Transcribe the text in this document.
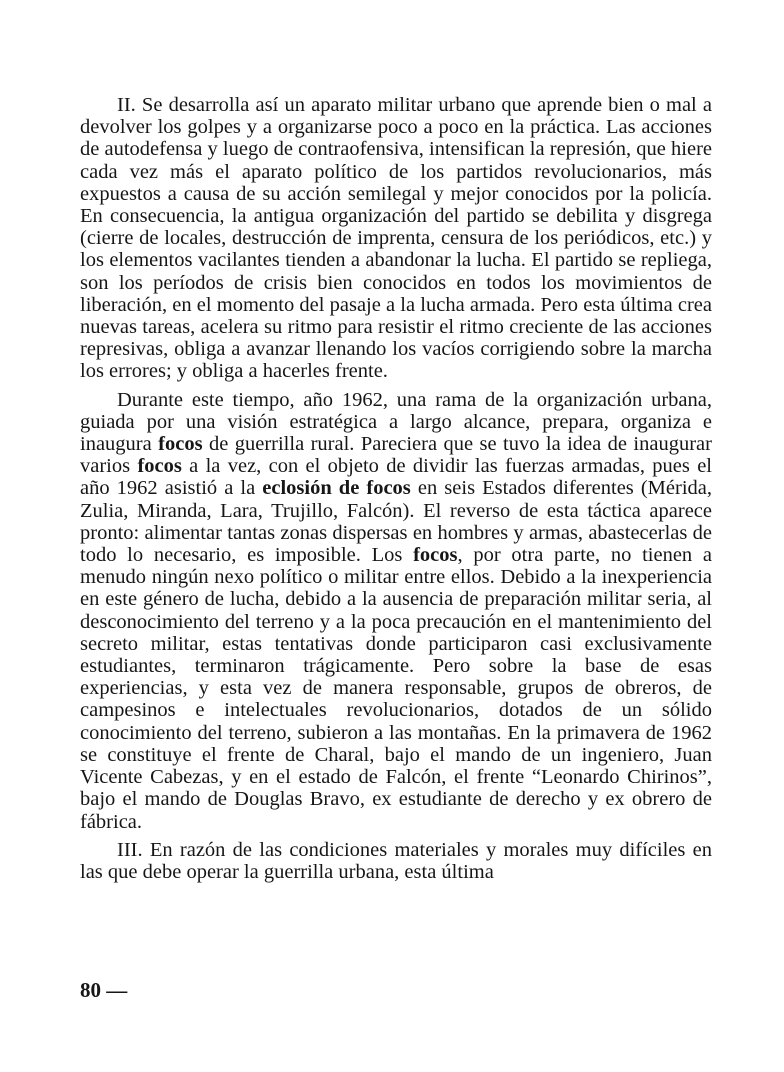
II. Se desarrolla así un aparato militar urbano que aprende bien o mal a devolver los golpes y a organizarse poco a poco en la práctica. Las acciones de autodefensa y luego de contraofensiva, intensifican la represión, que hiere cada vez más el aparato político de los partidos revolucionarios, más expuestos a causa de su acción semilegal y mejor conocidos por la policía. En consecuencia, la antigua organización del partido se debilita y disgrega (cierre de locales, destrucción de imprenta, censura de los periódicos, etc.) y los elementos vacilantes tienden a abandonar la lucha. El partido se repliega, son los períodos de crisis bien conocidos en todos los movimientos de liberación, en el momento del pasaje a la lucha armada. Pero esta última crea nuevas tareas, acelera su ritmo para resistir el ritmo creciente de las acciones represivas, obliga a avanzar llenando los vacíos corrigiendo sobre la marcha los errores; y obliga a hacerles frente.

Durante este tiempo, año 1962, una rama de la organización urbana, guiada por una visión estratégica a largo alcance, prepara, organiza e inaugura focos de guerrilla rural. Pareciera que se tuvo la idea de inaugurar varios focos a la vez, con el objeto de dividir las fuerzas armadas, pues el año 1962 asistió a la eclosión de focos en seis Estados diferentes (Mérida, Zulia, Miranda, Lara, Trujillo, Falcón). El reverso de esta táctica aparece pronto: alimentar tantas zonas dispersas en hombres y armas, abastecerlas de todo lo necesario, es imposible. Los focos, por otra parte, no tienen a menudo ningún nexo político o militar entre ellos. Debido a la inexperiencia en este género de lucha, debido a la ausencia de preparación militar seria, al desconocimiento del terreno y a la poca precaución en el mantenimiento del secreto militar, estas tentativas donde participaron casi exclusivamente estudiantes, terminaron trágicamente. Pero sobre la base de esas experiencias, y esta vez de manera responsable, grupos de obreros, de campesinos e intelectuales revolucionarios, dotados de un sólido conocimiento del terreno, subieron a las montañas. En la primavera de 1962 se constituye el frente de Charal, bajo el mando de un ingeniero, Juan Vicente Cabezas, y en el estado de Falcón, el frente “Leonardo Chirinos”, bajo el mando de Douglas Bravo, ex estudiante de derecho y ex obrero de fábrica.

III. En razón de las condiciones materiales y morales muy difíciles en las que debe operar la guerrilla urbana, esta última

80 —
